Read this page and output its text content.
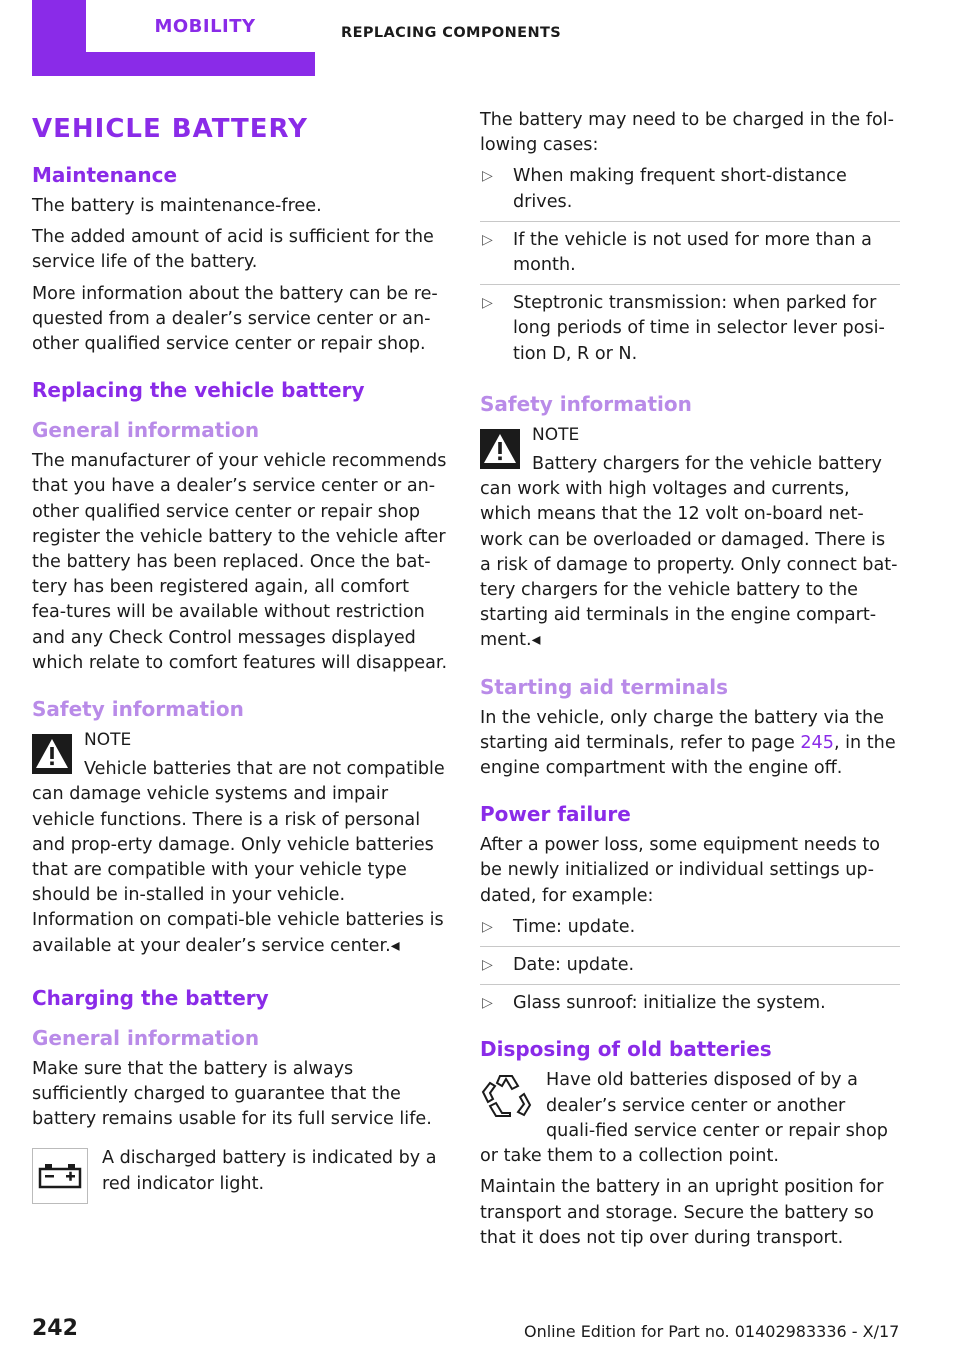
MOBILITY	REPLACING COMPONENTS
VEHICLE BATTERY
Maintenance

The battery is maintenance-free.

The added amount of acid is sufficient for the service life of the battery.

More information about the battery can be re-quested from a dealer’s service center or an-other qualified service center or repair shop.

Replacing the vehicle battery
General information

The manufacturer of your vehicle recommends that you have a dealer’s service center or an-other qualified service center or repair shop register the vehicle battery to the vehicle after the battery has been replaced. Once the bat-tery has been registered again, all comfort fea-tures will be available without restriction and any Check Control messages displayed which relate to comfort features will disappear.

Safety information
NOTE
Vehicle batteries that are not compatible can damage vehicle systems and impair vehicle functions. There is a risk of personal and prop-erty damage. Only vehicle batteries that are compatible with your vehicle type should be in-stalled in your vehicle. Information on compati-ble vehicle batteries is available at your dealer’s service center.◂
Charging the battery
General information

Make sure that the battery is always sufficiently charged to guarantee that the battery remains usable for its full service life.

A discharged battery is indicated by a red indicator light.

The battery may need to be charged in the fol-lowing cases:

▷ When making frequent short-distance drives.
▷ If the vehicle is not used for more than a month.
▷ Steptronic transmission: when parked for long periods of time in selector lever posi-tion D, R or N.
Safety information
NOTE
Battery chargers for the vehicle battery can work with high voltages and currents, which means that the 12 volt on-board net-work can be overloaded or damaged. There is a risk of damage to property. Only connect bat-tery chargers for the vehicle battery to the starting aid terminals in the engine compart-ment.◂
Starting aid terminals

In the vehicle, only charge the battery via the starting aid terminals, refer to page 245, in the engine compartment with the engine off.

Power failure

After a power loss, some equipment needs to be newly initialized or individual settings up-dated, for example:

▷ Time: update.
▷ Date: update.
▷ Glass sunroof: initialize the system.
Disposing of old batteries
Have old batteries disposed of by a dealer’s service center or another quali-fied service center or repair shop or take them to a collection point.

Maintain the battery in an upright position for transport and storage. Secure the battery so that it does not tip over during transport.

242	Online Edition for Part no. 01402983336 - X/17
